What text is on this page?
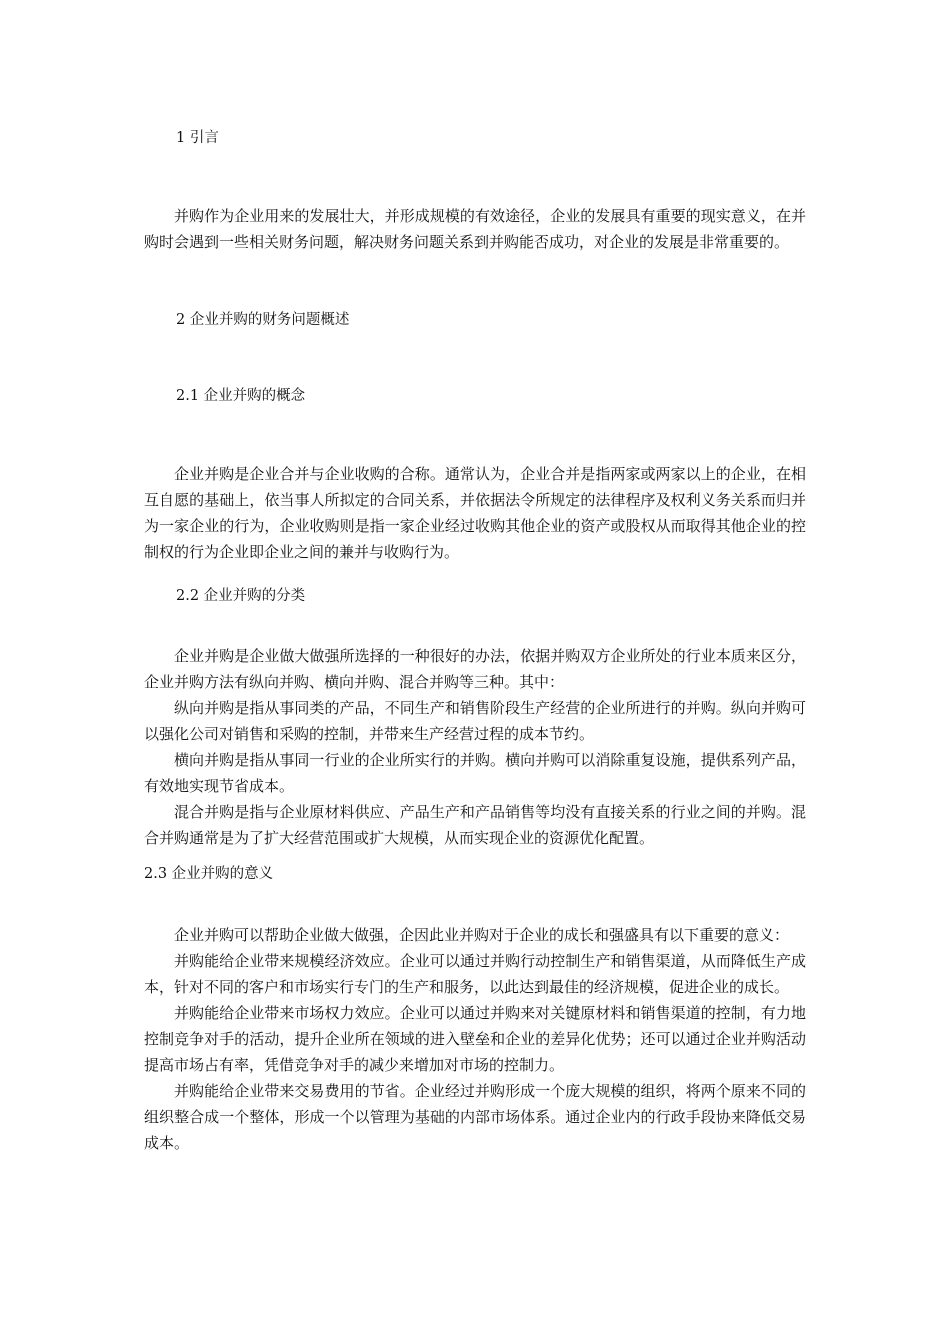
1 引言

并购作为企业用来的发展壮大，并形成规模的有效途径，企业的发展具有重要的现实意义，在并购时会遇到一些相关财务问题，解决财务问题关系到并购能否成功，对企业的发展是非常重要的。

2 企业并购的财务问题概述

2.1 企业并购的概念

企业并购是企业合并与企业收购的合称。通常认为，企业合并是指两家或两家以上的企业，在相互自愿的基础上，依当事人所拟定的合同关系，并依据法令所规定的法律程序及权利义务关系而归并为一家企业的行为，企业收购则是指一家企业经过收购其他企业的资产或股权从而取得其他企业的控制权的行为企业即企业之间的兼并与收购行为。

2.2 企业并购的分类

企业并购是企业做大做强所选择的一种很好的办法，依据并购双方企业所处的行业本质来区分，企业并购方法有纵向并购、横向并购、混合并购等三种。其中：

纵向并购是指从事同类的产品，不同生产和销售阶段生产经营的企业所进行的并购。纵向并购可以强化公司对销售和采购的控制，并带来生产经营过程的成本节约。

横向并购是指从事同一行业的企业所实行的并购。横向并购可以消除重复设施，提供系列产品，有效地实现节省成本。

混合并购是指与企业原材料供应、产品生产和产品销售等均没有直接关系的行业之间的并购。混合并购通常是为了扩大经营范围或扩大规模，从而实现企业的资源优化配置。

2.3 企业并购的意义

企业并购可以帮助企业做大做强，企因此业并购对于企业的成长和强盛具有以下重要的意义：

并购能给企业带来规模经济效应。企业可以通过并购行动控制生产和销售渠道，从而降低生产成本，针对不同的客户和市场实行专门的生产和服务，以此达到最佳的经济规模，促进企业的成长。

并购能给企业带来市场权力效应。企业可以通过并购来对关键原材料和销售渠道的控制，有力地控制竞争对手的活动，提升企业所在领域的进入壁垒和企业的差异化优势；还可以通过企业并购活动提高市场占有率，凭借竞争对手的减少来增加对市场的控制力。

并购能给企业带来交易费用的节省。企业经过并购形成一个庞大规模的组织，将两个原来不同的组织整合成一个整体，形成一个以管理为基础的内部市场体系。通过企业内的行政手段协来降低交易成本。
